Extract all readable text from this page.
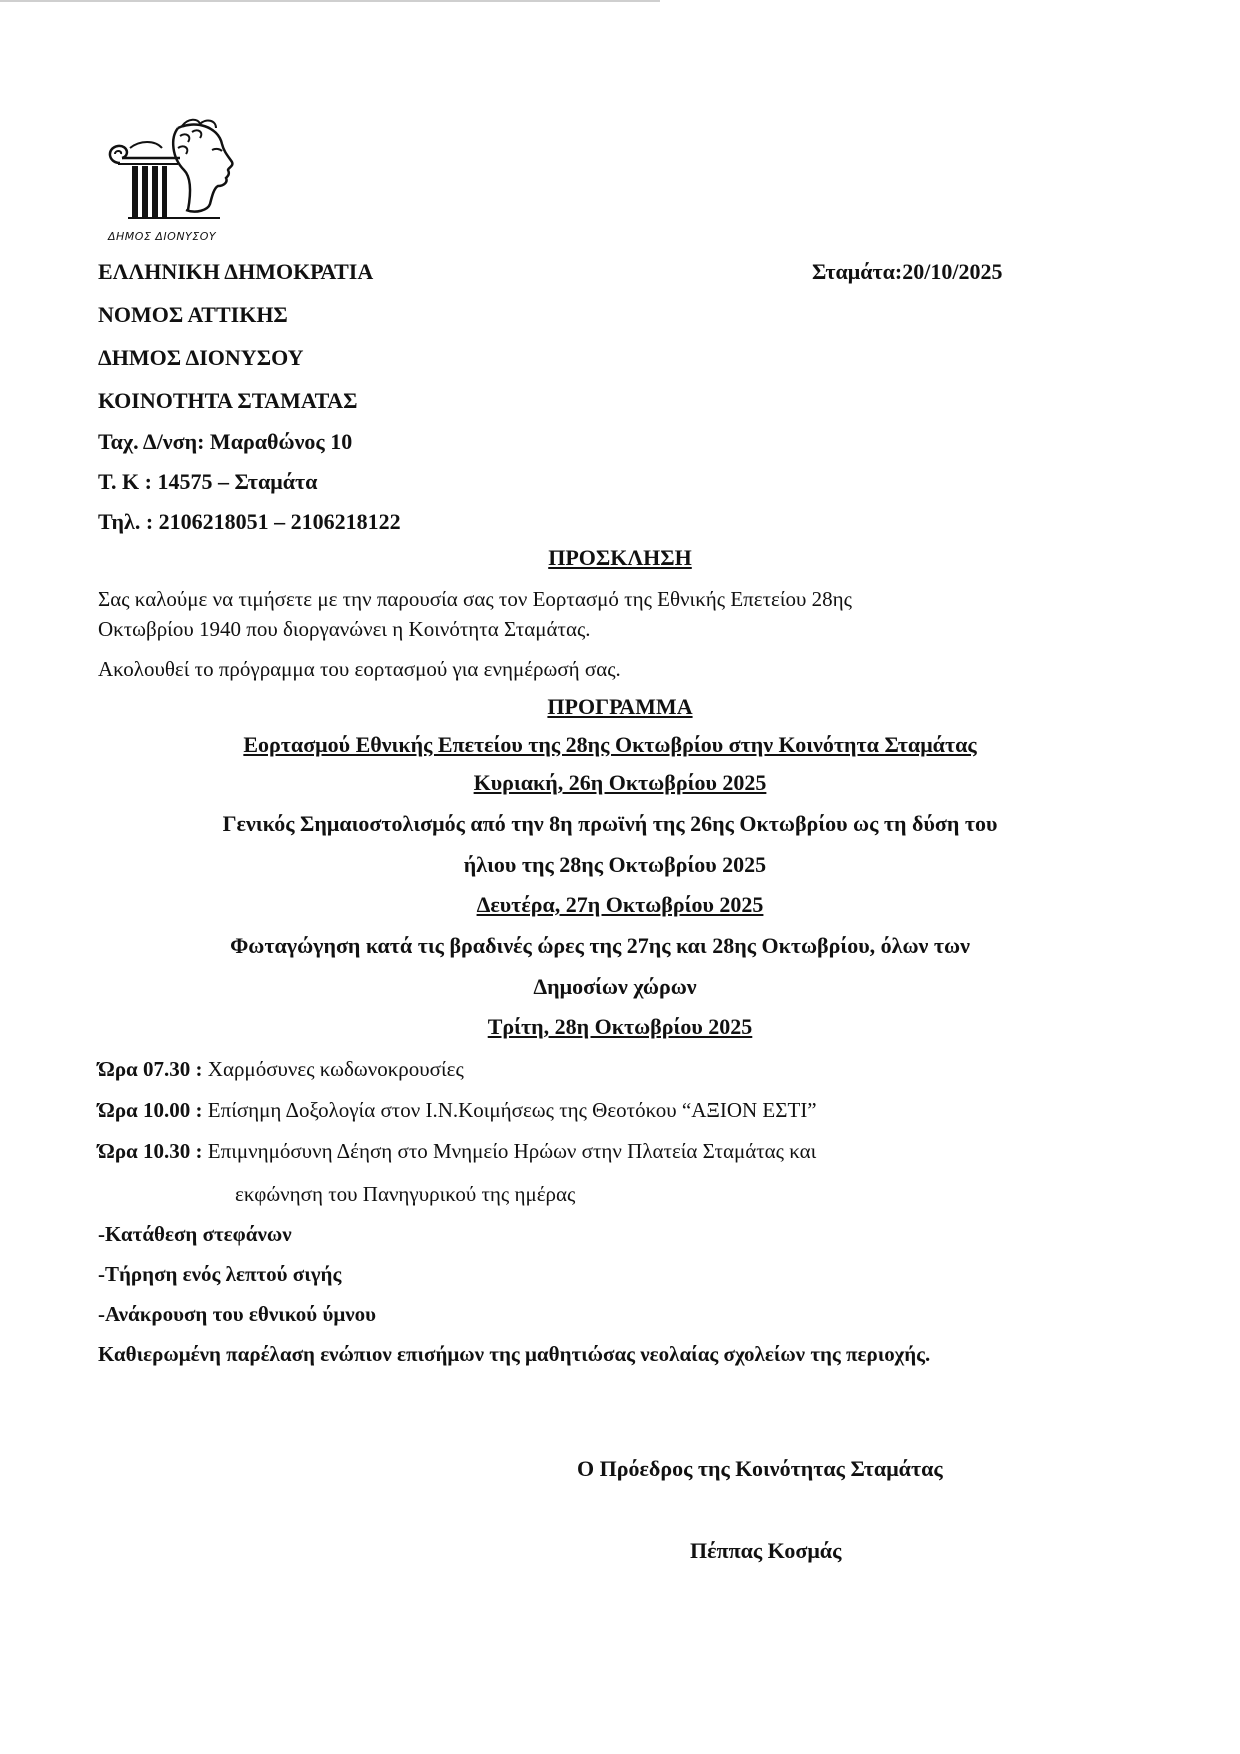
ΔΗΜΟΣ ΔΙΟΝΥΣΟΥ
ΕΛΛΗΝΙΚΗ ΔΗΜΟΚΡΑΤΙΑ
ΝΟΜΟΣ ΑΤΤΙΚΗΣ
ΔΗΜΟΣ ΔΙΟΝΥΣΟΥ
ΚΟΙΝΟΤΗΤΑ ΣΤΑΜΑΤΑΣ
Ταχ. Δ/νση: Μαραθώνος 10
Τ. Κ : 14575 – Σταμάτα
Τηλ. : 2106218051 – 2106218122
Σταμάτα:20/10/2025
ΠΡΟΣΚΛΗΣΗ
Σας καλούμε να τιμήσετε με την παρουσία σας τον Εορτασμό της Εθνικής Επετείου 28ης
Οκτωβρίου 1940 που διοργανώνει η Κοινότητα Σταμάτας.
Ακολουθεί το πρόγραμμα του εορτασμού για ενημέρωσή σας.
ΠΡΟΓΡΑΜΜΑ
Εορτασμού Εθνικής Επετείου της 28ης Οκτωβρίου στην Κοινότητα Σταμάτας
Κυριακή, 26η Οκτωβρίου 2025
Γενικός Σημαιοστολισμός από την 8η πρωϊνή της 26ης Οκτωβρίου ως τη δύση του
ήλιου της 28ης Οκτωβρίου 2025
Δευτέρα, 27η Οκτωβρίου 2025
Φωταγώγηση κατά τις βραδινές ώρες της 27ης και 28ης Οκτωβρίου, όλων των
Δημοσίων χώρων
Τρίτη, 28η Οκτωβρίου 2025
Ώρα 07.30 : Χαρμόσυνες κωδωνοκρουσίες
Ώρα 10.00 : Επίσημη Δοξολογία στον Ι.Ν.Κοιμήσεως της Θεοτόκου “ΑΞΙΟΝ ΕΣΤΙ”
Ώρα 10.30 : Επιμνημόσυνη Δέηση στο Μνημείο Ηρώων στην Πλατεία Σταμάτας και
εκφώνηση του Πανηγυρικού της ημέρας
-Κατάθεση στεφάνων
-Τήρηση ενός λεπτού σιγής
-Ανάκρουση του εθνικού ύμνου
Καθιερωμένη παρέλαση ενώπιον επισήμων της μαθητιώσας νεολαίας σχολείων της περιοχής.
Ο Πρόεδρος της Κοινότητας Σταμάτας
Πέππας Κοσμάς
